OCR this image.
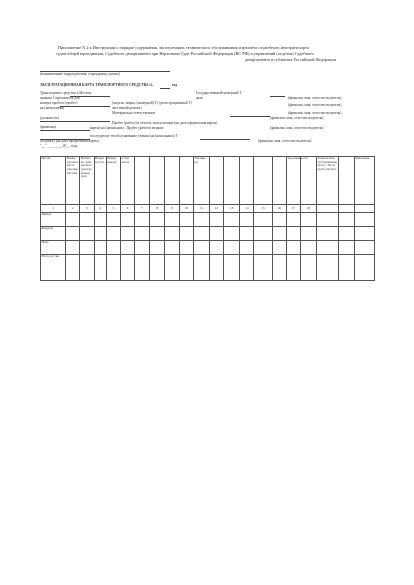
Приложение N 2 к Инструкции о порядке содержания, эксплуатации, технического обслуживания и ремонта служебного автотранспорта
судов общей юрисдикции, Судебного департамента при Верховном Суде Российской Федерации (ВС РФ) и управлений (отделов) Судебного
департамента в субъектах Российской Федерации
(наименование подразделения, учреждения, органа)
ЭКСПЛУАТАЦИОННАЯ КАРТА ТРАНСПОРТНОГО СРЕДСТВА №	год
Транспортное средство к Мосему
приказа Страхователь для
номера пробега (пробег)
на (начальника)
(должность)
(фамилия)
(подпись) (на дата оформления карты)
"__" ________ 20__ года
Государственный номерной Т
знак
(модель, марка, (номерной) Т) (регистрационный Т)
частичный ремонт)
Материально ответственное
Пробег (работа) в отчетах эксплуатации (на дата оформления карты)
карты) на (начальник) , Пробег (работа) меньше
последующе техобслуживание учения (на (начальника) Т
(фамилия, имя, отчество водителя)
(фамилия, имя, отчество водителя)
(фамилия, имя, отчество водителя)
(фамилия, имя, отчество водителя)
(фамилия, имя, отчество водителя)
(фамилия, имя, отчество водителя)
Месяц	Номер путевого листа (сколько листов)	Выпис- ка, день пробега (начало/ конец) (км)	Время в пути	Номер выезда	в том числе					Топливо (л)						Задолженность		Техническое обслуживание (ТО-1, ТО-2) (дата, пробег)		Замечания
1	2	3	4	5	6	7	8	9	10	11	12	13	14	15	16	17	18			
Январь																				
Февраль																				
Март																				
Итого за I кв.																				
